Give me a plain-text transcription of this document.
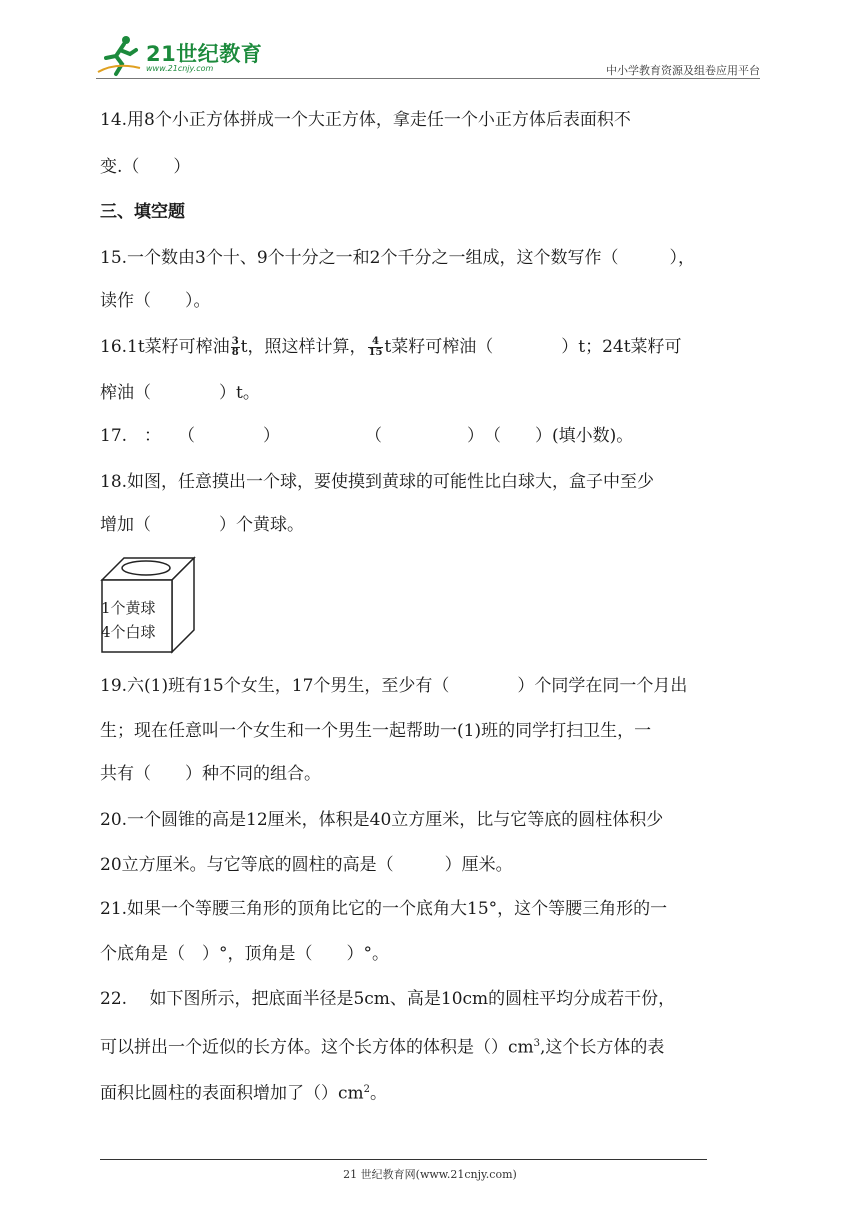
21世纪教育
www.21cnjy.com	中小学教育资源及组卷应用平台
14.用8个小正方体拼成一个大正方体，拿走任一个小正方体后表面积不
变.（　　）
三、填空题
15.一个数由3个十、9个十分之一和2个千分之一组成，这个数写作（　　　），
读作（　　）。
16.1t菜籽可榨油 $\frac{3}{8}$ t，照这样计算， $\frac{4}{15}$ t菜籽可榨油（　　　　）t；24t菜籽可
榨油（　　　　）t。
17.　：　　（　　　　）　　　　　　（　　　　　）　（　　）(填小数)。
18.如图，任意摸出一个球，要使摸到黄球的可能性比白球大，盒子中至少
增加（　　　　）个黄球。
1个黄球
4个白球
19.六(1)班有15个女生，17个男生，至少有（　　　　）个同学在同一个月出
生；现在任意叫一个女生和一个男生一起帮助一(1)班的同学打扫卫生，一
共有（　　）种不同的组合。
20.一个圆锥的高是12厘米，体积是40立方厘米，比与它等底的圆柱体积少
20立方厘米。与它等底的圆柱的高是（　　　）厘米。
21.如果一个等腰三角形的顶角比它的一个底角大15°，这个等腰三角形的一
个底角是（　）°，顶角是（　　）°。
22.　 如下图所示，把底面半径是5cm、高是10cm的圆柱平均分成若干份，
可以拼出一个近似的长方体。这个长方体的体积是$()cm^3$,这个长方体的表
面积比圆柱的表面积增加了$()cm^2$。
21 世纪教育网(www.21cnjy.com)
